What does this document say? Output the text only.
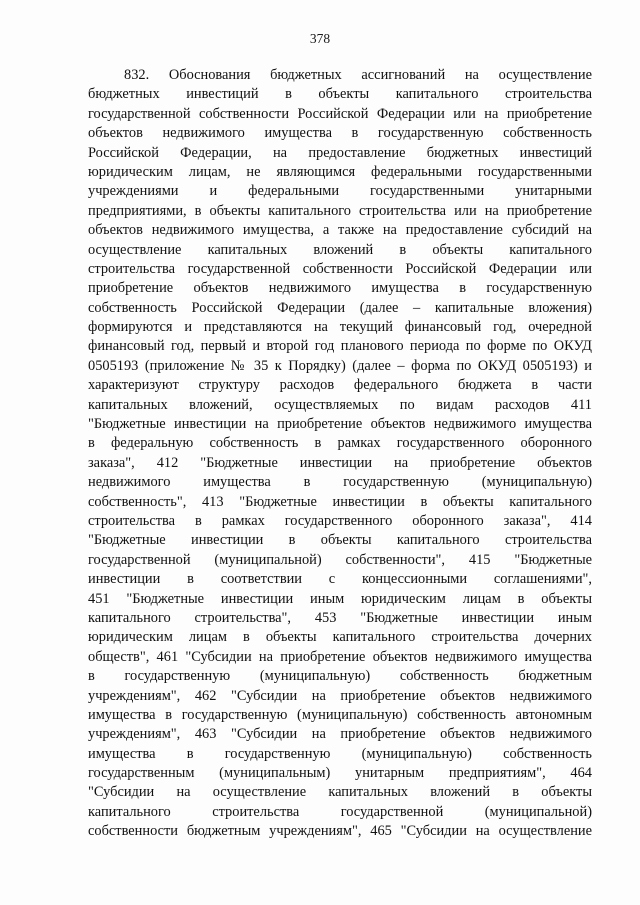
378
832. Обоснования бюджетных ассигнований на осуществление
бюджетных инвестиций в объекты капитального строительства
государственной собственности Российской Федерации или на приобретение
объектов недвижимого имущества в государственную собственность
Российской Федерации, на предоставление бюджетных инвестиций
юридическим лицам, не являющимся федеральными государственными
учреждениями и федеральными государственными унитарными
предприятиями, в объекты капитального строительства или на приобретение
объектов недвижимого имущества, а также на предоставление субсидий на
осуществление капитальных вложений в объекты капитального
строительства государственной собственности Российской Федерации или
приобретение объектов недвижимого имущества в государственную
собственность Российской Федерации (далее – капитальные вложения)
формируются и представляются на текущий финансовый год, очередной
финансовый год, первый и второй год планового периода по форме по ОКУД
0505193 (приложение № 35 к Порядку) (далее – форма по ОКУД 0505193) и
характеризуют структуру расходов федерального бюджета в части
капитальных вложений, осуществляемых по видам расходов 411
"Бюджетные инвестиции на приобретение объектов недвижимого имущества
в федеральную собственность в рамках государственного оборонного
заказа", 412 "Бюджетные инвестиции на приобретение объектов
недвижимого имущества в государственную (муниципальную)
собственность", 413 "Бюджетные инвестиции в объекты капитального
строительства в рамках государственного оборонного заказа", 414
"Бюджетные инвестиции в объекты капитального строительства
государственной (муниципальной) собственности", 415 "Бюджетные
инвестиции в соответствии с концессионными соглашениями",
451 "Бюджетные инвестиции иным юридическим лицам в объекты
капитального строительства", 453 "Бюджетные инвестиции иным
юридическим лицам в объекты капитального строительства дочерних
обществ", 461 "Субсидии на приобретение объектов недвижимого имущества
в государственную (муниципальную) собственность бюджетным
учреждениям", 462 "Субсидии на приобретение объектов недвижимого
имущества в государственную (муниципальную) собственность автономным
учреждениям", 463 "Субсидии на приобретение объектов недвижимого
имущества в государственную (муниципальную) собственность
государственным (муниципальным) унитарным предприятиям", 464
"Субсидии на осуществление капитальных вложений в объекты
капитального строительства государственной (муниципальной)
собственности бюджетным учреждениям", 465 "Субсидии на осуществление
